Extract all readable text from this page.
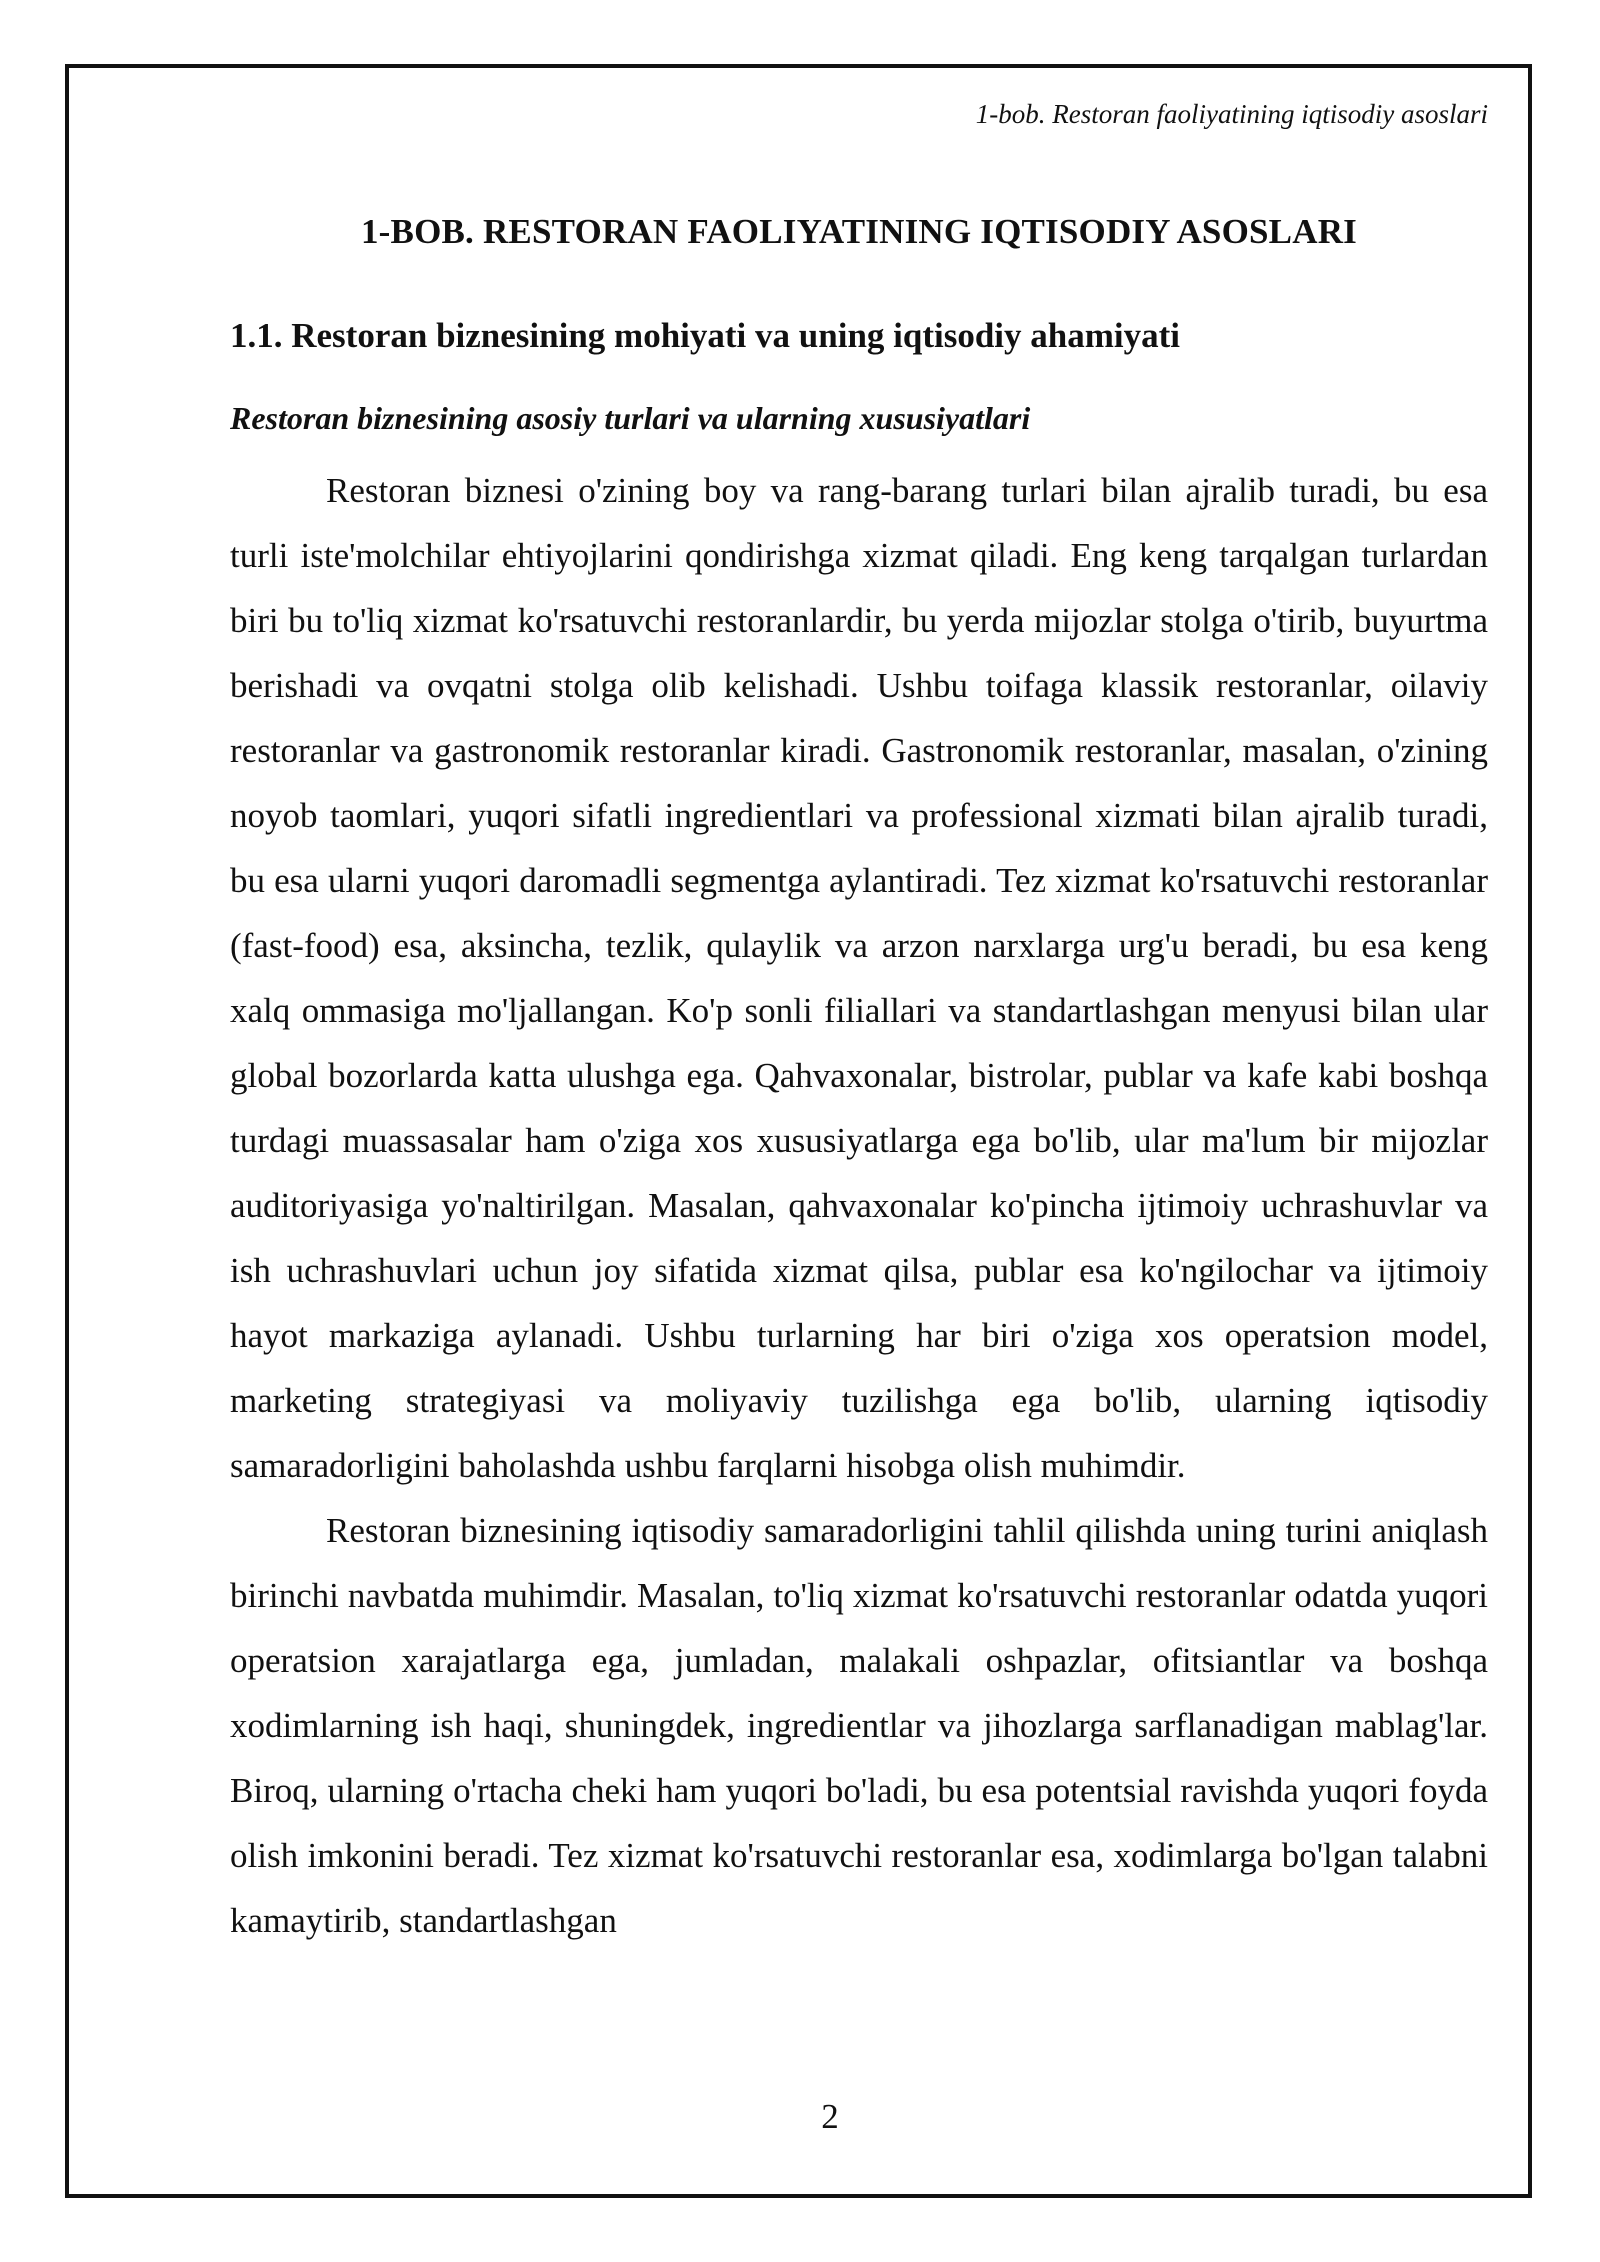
1-bob. Restoran faoliyatining iqtisodiy asoslari
1-BOB. RESTORAN FAOLIYATINING IQTISODIY ASOSLARI
1.1. Restoran biznesining mohiyati va uning iqtisodiy ahamiyati
Restoran biznesining asosiy turlari va ularning xususiyatlari

Restoran biznesi o'zining boy va rang-barang turlari bilan ajralib turadi, bu esa turli iste'molchilar ehtiyojlarini qondirishga xizmat qiladi. Eng keng tarqalgan turlardan biri bu to'liq xizmat ko'rsatuvchi restoranlardir, bu yerda mijozlar stolga o'tirib, buyurtma berishadi va ovqatni stolga olib kelishadi. Ushbu toifaga klassik restoranlar, oilaviy restoranlar va gastronomik restoranlar kiradi. Gastronomik restoranlar, masalan, o'zining noyob taomlari, yuqori sifatli ingredientlari va professional xizmati bilan ajralib turadi, bu esa ularni yuqori daromadli segmentga aylantiradi. Tez xizmat ko'rsatuvchi restoranlar (fast-food) esa, aksincha, tezlik, qulaylik va arzon narxlarga urg'u beradi, bu esa keng xalq ommasiga mo'ljallangan. Ko'p sonli filiallari va standartlashgan menyusi bilan ular global bozorlarda katta ulushga ega. Qahvaxonalar, bistrolar, publar va kafe kabi boshqa turdagi muassasalar ham o'ziga xos xususiyatlarga ega bo'lib, ular ma'lum bir mijozlar auditoriyasiga yo'naltirilgan. Masalan, qahvaxonalar ko'pincha ijtimoiy uchrashuvlar va ish uchrashuvlari uchun joy sifatida xizmat qilsa, publar esa ko'ngilochar va ijtimoiy hayot markaziga aylanadi. Ushbu turlarning har biri o'ziga xos operatsion model, marketing strategiyasi va moliyaviy tuzilishga ega bo'lib, ularning iqtisodiy samaradorligini baholashda ushbu farqlarni hisobga olish muhimdir.

Restoran biznesining iqtisodiy samaradorligini tahlil qilishda uning turini aniqlash birinchi navbatda muhimdir. Masalan, to'liq xizmat ko'rsatuvchi restoranlar odatda yuqori operatsion xarajatlarga ega, jumladan, malakali oshpazlar, ofitsiantlar va boshqa xodimlarning ish haqi, shuningdek, ingredientlar va jihozlarga sarflanadigan mablag'lar. Biroq, ularning o'rtacha cheki ham yuqori bo'ladi, bu esa potentsial ravishda yuqori foyda olish imkonini beradi. Tez xizmat ko'rsatuvchi restoranlar esa, xodimlarga bo'lgan talabni kamaytirib, standartlashgan

2
